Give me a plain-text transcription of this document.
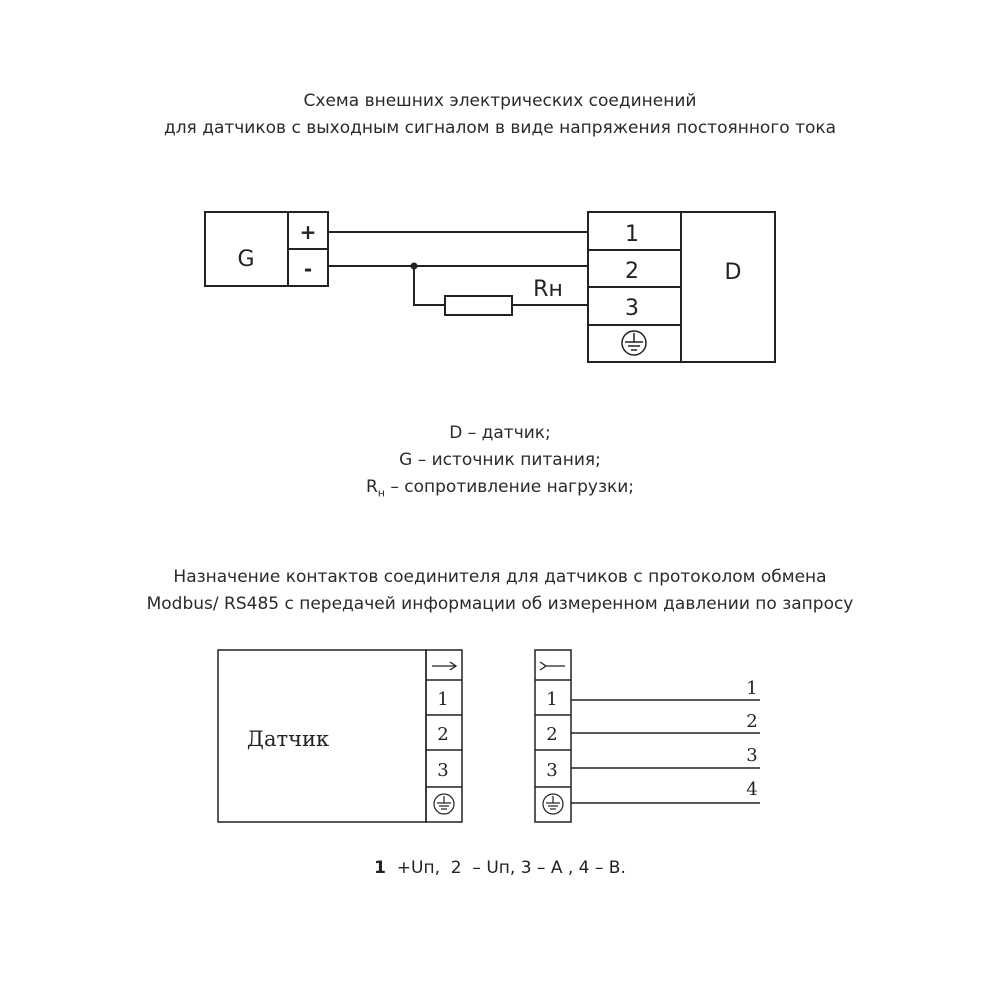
Схема внешних электрических соединений
для датчиков с выходным сигналом в виде напряжения постоянного тока
G
+
-
Rн
1
2
3
D
Датчик
1
2
3
1
2
3
1
2
3
4
D – датчик;
G – источник питания;
$R_н$ – сопротивление нагрузки;
Назначение контактов соединителя для датчиков с протоколом обмена
Modbus/ RS485 с передачей информации об измеренном давлении по запросу
1  +Uп,  2  – Uп, 3 – A , 4 – B.
